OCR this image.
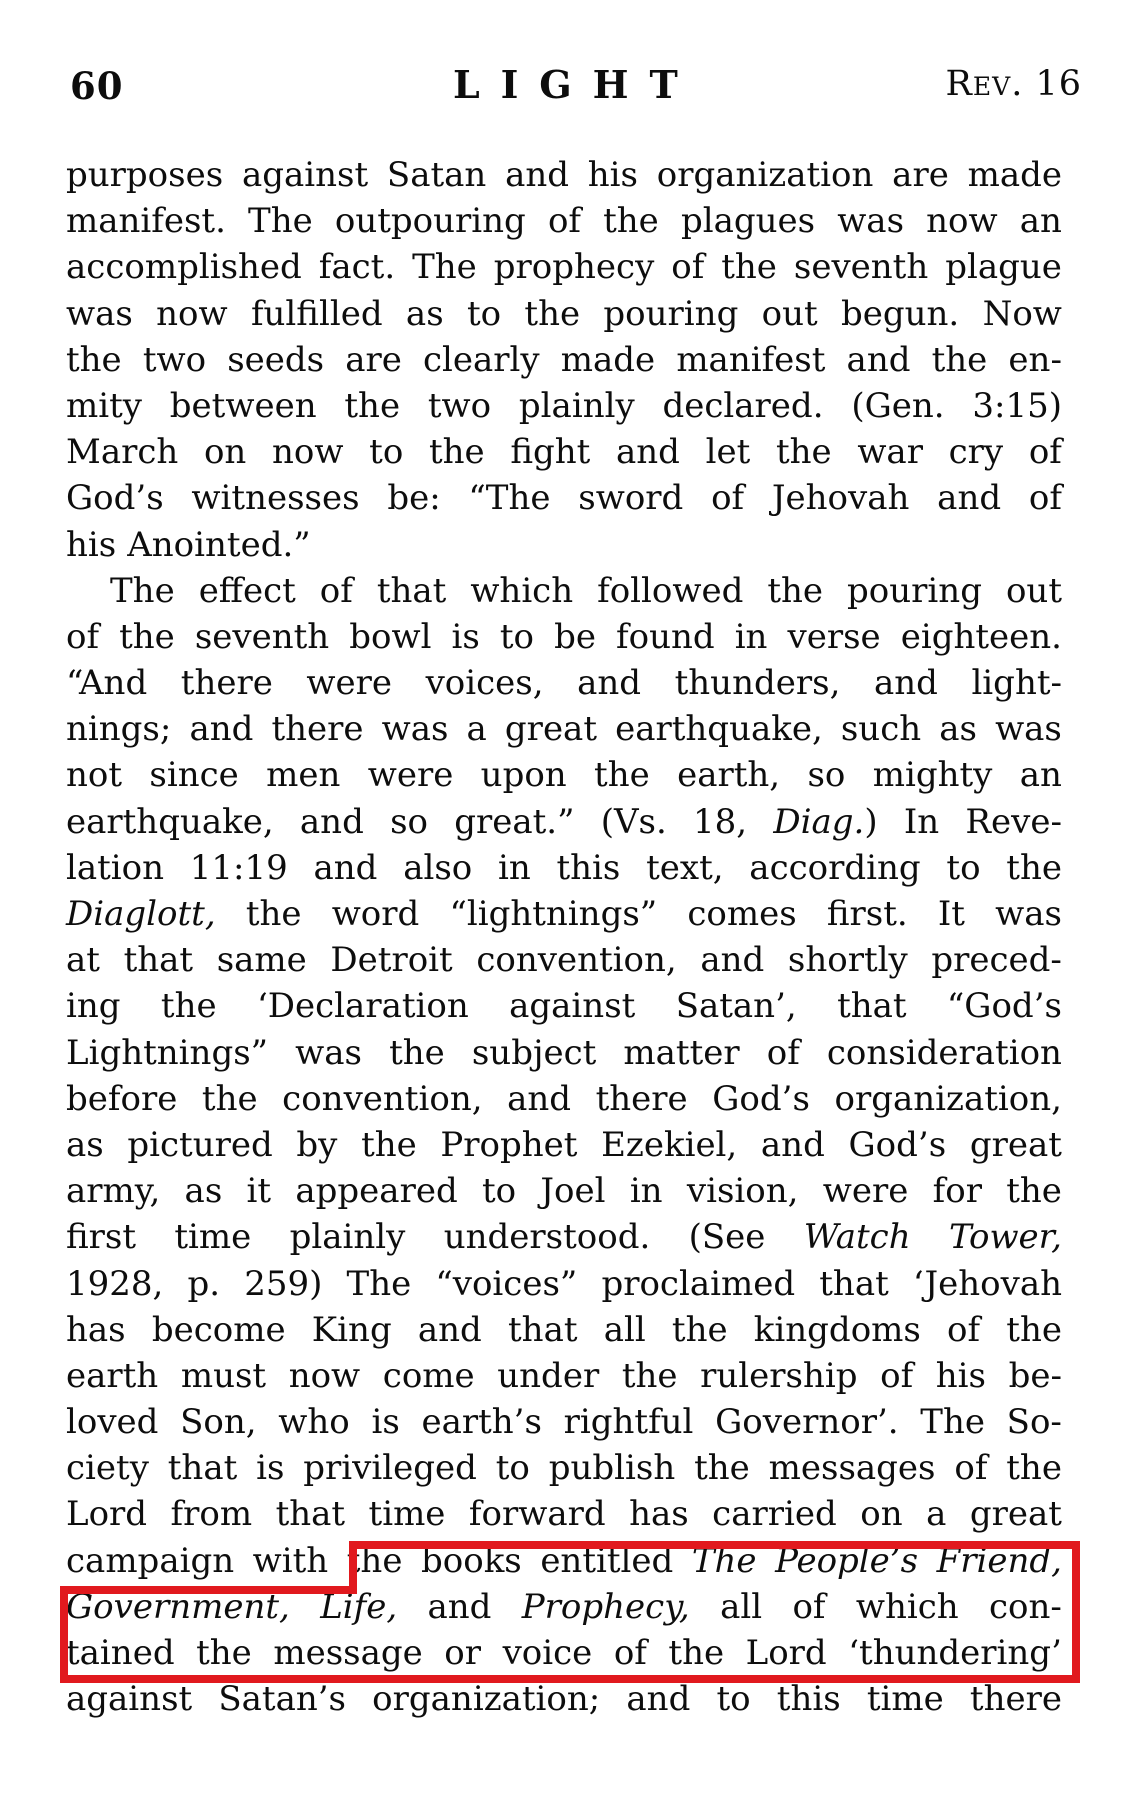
60	LIGHT	Rev. 16
purposes against Satan and his organization are made
manifest. The outpouring of the plagues was now an
accomplished fact. The prophecy of the seventh plague
was now fulfilled as to the pouring out begun. Now
the two seeds are clearly made manifest and the en-
mity between the two plainly declared. (Gen. 3:15)
March on now to the fight and let the war cry of
God’s witnesses be: “The sword of Jehovah and of
his Anointed.”
The effect of that which followed the pouring out
of the seventh bowl is to be found in verse eighteen.
“And there were voices, and thunders, and light-
nings; and there was a great earthquake, such as was
not since men were upon the earth, so mighty an
earthquake, and so great.” (Vs. 18, Diag.) In Reve-
lation 11:19 and also in this text, according to the
Diaglott, the word “lightnings” comes first. It was
at that same Detroit convention, and shortly preced-
ing the ‘Declaration against Satan’, that “God’s
Lightnings” was the subject matter of consideration
before the convention, and there God’s organization,
as pictured by the Prophet Ezekiel, and God’s great
army, as it appeared to Joel in vision, were for the
first time plainly understood. (See Watch Tower,
1928, p. 259) The “voices” proclaimed that ‘Jehovah
has become King and that all the kingdoms of the
earth must now come under the rulership of his be-
loved Son, who is earth’s rightful Governor’. The So-
ciety that is privileged to publish the messages of the
Lord from that time forward has carried on a great
campaign with the books entitled The People’s Friend,
Government, Life, and Prophecy, all of which con-
tained the message or voice of the Lord ‘thundering’
against Satan’s organization; and to this time there
